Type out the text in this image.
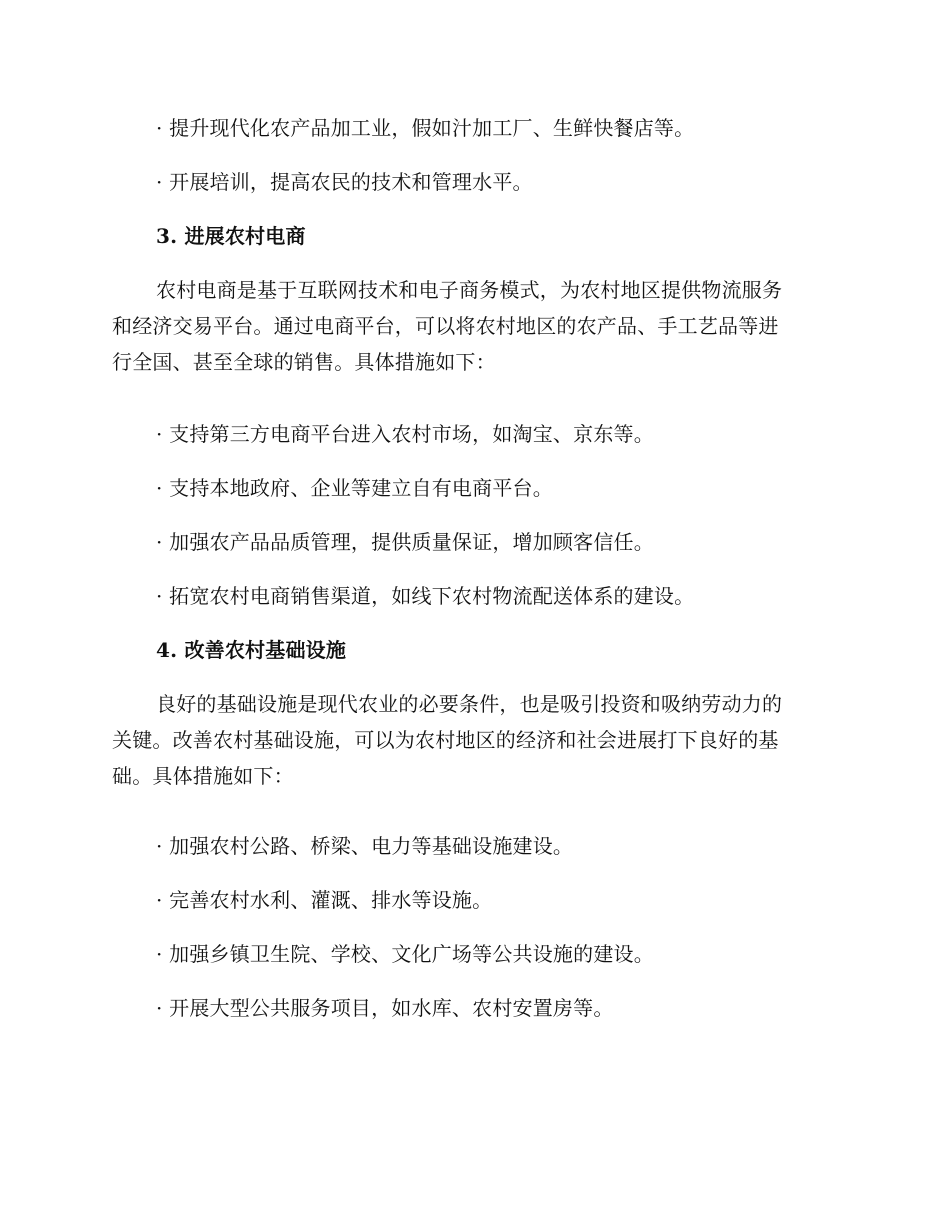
· 提升现代化农产品加工业，假如汁加工厂、生鲜快餐店等。
· 开展培训，提高农民的技术和管理水平。
3. 进展农村电商
农村电商是基于互联网技术和电子商务模式，为农村地区提供物流服务
和经济交易平台。通过电商平台，可以将农村地区的农产品、手工艺品等进
行全国、甚至全球的销售。具体措施如下：
· 支持第三方电商平台进入农村市场，如淘宝、京东等。
· 支持本地政府、企业等建立自有电商平台。
· 加强农产品品质管理，提供质量保证，增加顾客信任。
· 拓宽农村电商销售渠道，如线下农村物流配送体系的建设。
4. 改善农村基础设施
良好的基础设施是现代农业的必要条件，也是吸引投资和吸纳劳动力的
关键。改善农村基础设施，可以为农村地区的经济和社会进展打下良好的基
础。具体措施如下：
· 加强农村公路、桥梁、电力等基础设施建设。
· 完善农村水利、灌溉、排水等设施。
· 加强乡镇卫生院、学校、文化广场等公共设施的建设。
· 开展大型公共服务项目，如水库、农村安置房等。
